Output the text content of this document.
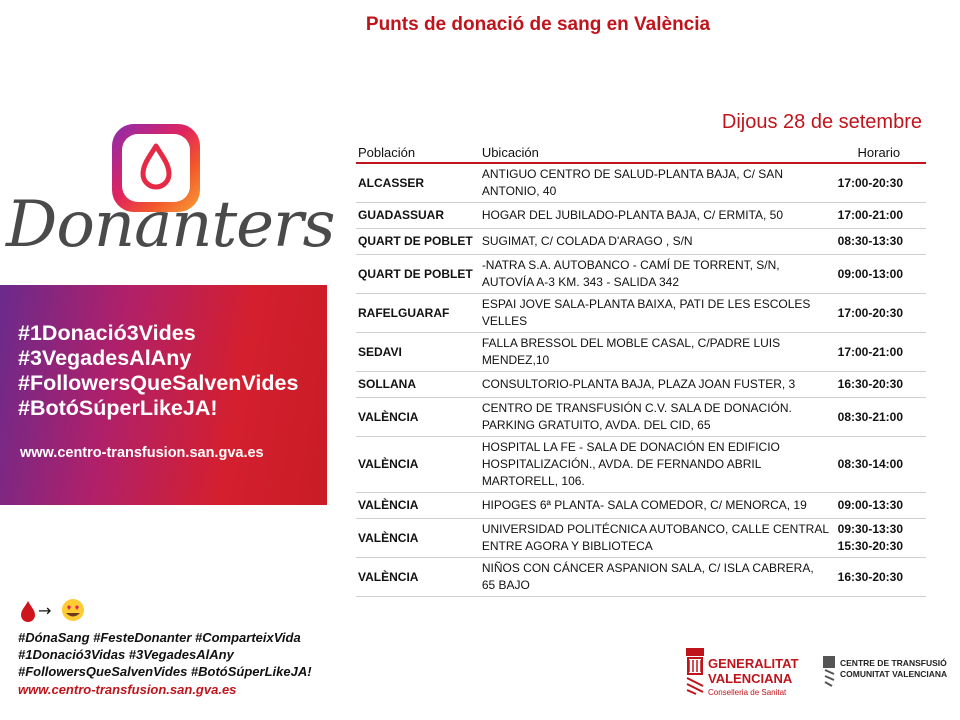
Punts de donació de sang en València
Dijous 28 de setembre
Donanters
#1Donació3Vides
#3VegadesAlAny
#FollowersQueSalvenVides
#BotóSúperLikeJA!
www.centro-transfusion.san.gva.es
→
#DónaSang #FesteDonanter #ComparteixVida
#1Donació3Vidas #3VegadesAlAny
#FollowersQueSalvenVides #BotóSúperLikeJA!
www.centro-transfusion.san.gva.es
Población	Ubicación	Horario
ALCASSER	ANTIGUO CENTRO DE SALUD-PLANTA BAJA, C/ SAN ANTONIO, 40	17:00-20:30
GUADASSUAR	HOGAR DEL JUBILADO-PLANTA BAJA, C/ ERMITA, 50	17:00-21:00
QUART DE POBLET	SUGIMAT, C/ COLADA D'ARAGO , S/N	08:30-13:30
QUART DE POBLET	-NATRA S.A. AUTOBANCO - CAMÍ DE TORRENT, S/N, AUTOVÍA A-3 KM. 343 - SALIDA 342	09:00-13:00
RAFELGUARAF	ESPAI JOVE SALA-PLANTA BAIXA, PATI DE LES ESCOLES VELLES	17:00-20:30
SEDAVI	FALLA BRESSOL DEL MOBLE CASAL, C/PADRE LUIS MENDEZ,10	17:00-21:00
SOLLANA	CONSULTORIO-PLANTA BAJA, PLAZA JOAN FUSTER, 3	16:30-20:30
VALÈNCIA	CENTRO DE TRANSFUSIÓN C.V. SALA DE DONACIÓN. PARKING GRATUITO, AVDA. DEL CID, 65	08:30-21:00
VALÈNCIA	HOSPITAL LA FE - SALA DE DONACIÓN EN EDIFICIO HOSPITALIZACIÓN., AVDA. DE FERNANDO ABRIL MARTORELL, 106.	08:30-14:00
VALÈNCIA	HIPOGES 6ª PLANTA- SALA COMEDOR, C/ MENORCA, 19	09:00-13:30
VALÈNCIA	UNIVERSIDAD POLITÉCNICA AUTOBANCO, CALLE CENTRAL ENTRE AGORA Y BIBLIOTECA	09:30-13:30
15:30-20:30

VALÈNCIA	NIÑOS CON CÁNCER ASPANION SALA, C/ ISLA CABRERA, 65 BAJO	16:30-20:30
GENERALITAT
VALENCIANA
Conselleria de Sanitat
CENTRE DE TRANSFUSIÓ
COMUNITAT VALENCIANA
